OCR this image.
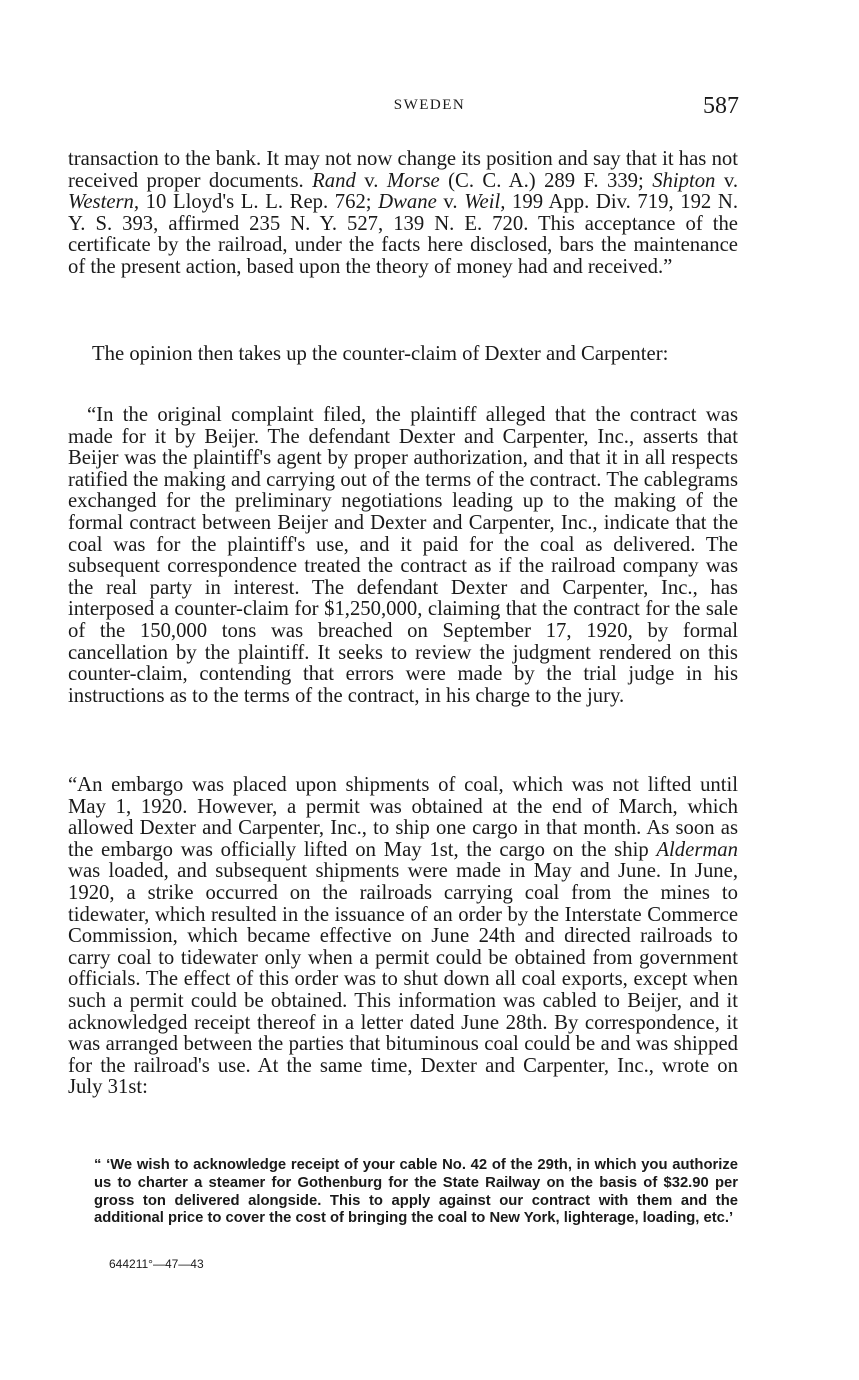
SWEDEN	587

transaction to the bank. It may not now change its position and say that it has not received proper documents. Rand v. Morse (C. C. A.) 289 F. 339; Shipton v. Western, 10 Lloyd's L. L. Rep. 762; Dwane v. Weil, 199 App. Div. 719, 192 N. Y. S. 393, affirmed 235 N. Y. 527, 139 N. E. 720. This acceptance of the certificate by the railroad, under the facts here disclosed, bars the maintenance of the present action, based upon the theory of money had and received.”

The opinion then takes up the counter-claim of Dexter and Carpenter:

“In the original complaint filed, the plaintiff alleged that the contract was made for it by Beijer. The defendant Dexter and Carpenter, Inc., asserts that Beijer was the plaintiff's agent by proper authorization, and that it in all respects ratified the making and carrying out of the terms of the contract. The cablegrams exchanged for the preliminary negotiations leading up to the making of the formal contract between Beijer and Dexter and Carpenter, Inc., indicate that the coal was for the plaintiff's use, and it paid for the coal as delivered. The subsequent correspondence treated the contract as if the railroad company was the real party in interest. The defendant Dexter and Carpenter, Inc., has interposed a counter-claim for $1,250,000, claiming that the contract for the sale of the 150,000 tons was breached on September 17, 1920, by formal cancellation by the plaintiff. It seeks to review the judgment rendered on this counter-claim, contending that errors were made by the trial judge in his instructions as to the terms of the contract, in his charge to the jury.

“An embargo was placed upon shipments of coal, which was not lifted until May 1, 1920. However, a permit was obtained at the end of March, which allowed Dexter and Carpenter, Inc., to ship one cargo in that month. As soon as the embargo was officially lifted on May 1st, the cargo on the ship Alderman was loaded, and subsequent shipments were made in May and June. In June, 1920, a strike occurred on the railroads carrying coal from the mines to tidewater, which resulted in the issuance of an order by the Interstate Commerce Commission, which became effective on June 24th and directed railroads to carry coal to tidewater only when a permit could be obtained from government officials. The effect of this order was to shut down all coal exports, except when such a permit could be obtained. This information was cabled to Beijer, and it acknowledged receipt thereof in a letter dated June 28th. By correspondence, it was arranged between the parties that bituminous coal could be and was shipped for the railroad's use. At the same time, Dexter and Carpenter, Inc., wrote on July 31st:

“ ‘We wish to acknowledge receipt of your cable No. 42 of the 29th, in which you authorize us to charter a steamer for Gothenburg for the State Railway on the basis of $32.90 per gross ton delivered alongside. This to apply against our contract with them and the additional price to cover the cost of bringing the coal to New York, lighterage, loading, etc.’

644211°—47—43
